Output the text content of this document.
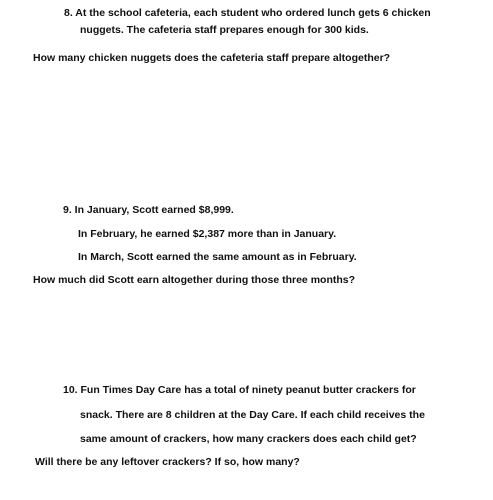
8. At the school cafeteria, each student who ordered lunch gets 6 chicken
nuggets. The cafeteria staff prepares enough for 300 kids.
How many chicken nuggets does the cafeteria staff prepare altogether?
9. In January, Scott earned $8,999.
In February, he earned $2,387 more than in January.
In March, Scott earned the same amount as in February.
How much did Scott earn altogether during those three months?
10. Fun Times Day Care has a total of ninety peanut butter crackers for
snack. There are 8 children at the Day Care. If each child receives the
same amount of crackers, how many crackers does each child get?
Will there be any leftover crackers? If so, how many?
